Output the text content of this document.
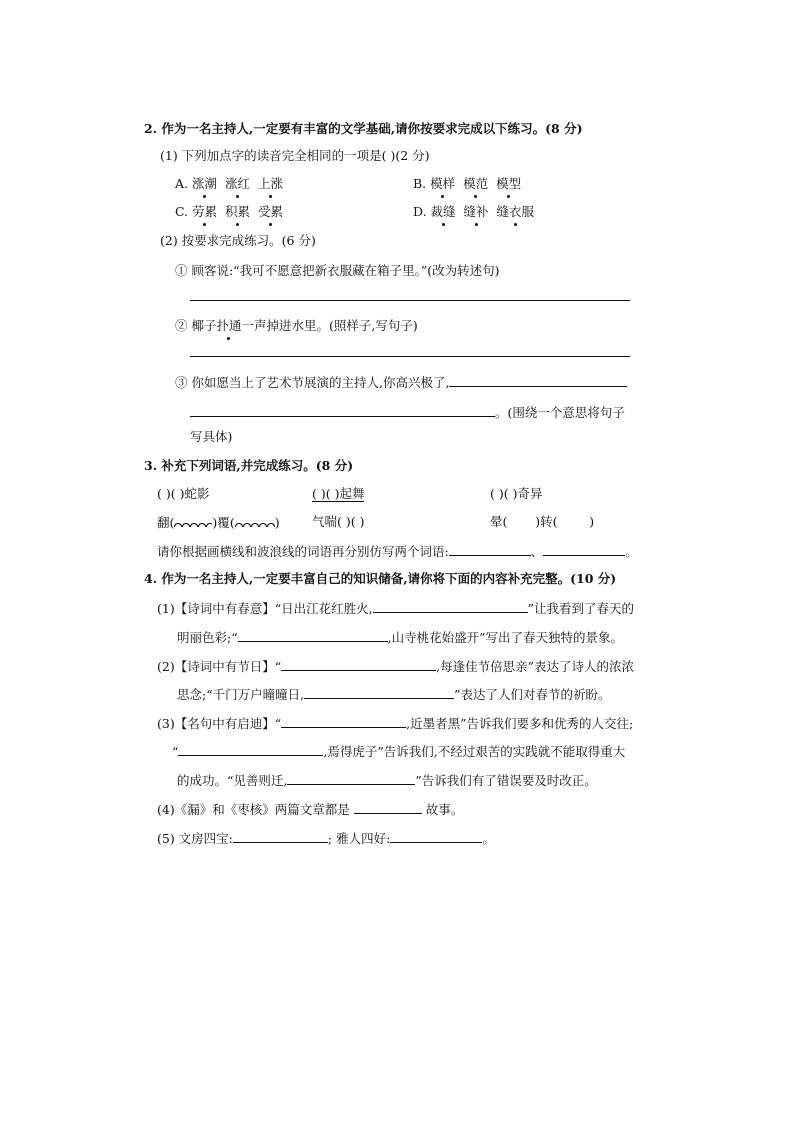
2. 作为一名主持人,一定要有丰富的文学基础,请你按要求完成以下练习。(8 分)
(1) 下列加点字的读音完全相同的一项是( )(2 分)
A. 涨潮 涨红 上涨	B. 模样 模范 模型
C. 劳累 积累 受累	D. 裁缝 缝补 缝衣服
(2) 按要求完成练习。(6 分)
① 顾客说:“我可不愿意把新衣服藏在箱子里。”(改为转述句)
② 椰子扑通一声掉进水里。(照样子,写句子)
③ 你如愿当上了艺术节展演的主持人,你高兴极了,
。(围绕一个意思将句子
写具体)
3. 补充下列词语,并完成练习。(8 分)
( )( )蛇影	( )( )起舞	( )( )奇异
翻(	)覆(	)	气喘( )( )	晕( )转(	)
请你根据画横线和波浪线的词语再分别仿写两个词语:	、	。
4. 作为一名主持人,一定要丰富自己的知识储备,请你将下面的内容补充完整。(10 分)
(1)【诗词中有春意】“日出江花红胜火,	”让我看到了春天的
明丽色彩;“	,山寺桃花始盛开”写出了春天独特的景象。
(2)【诗词中有节日】“	,每逢佳节倍思亲”表达了诗人的浓浓
思念;“千门万户曈曈日,	”表达了人们对春节的祈盼。
(3)【名句中有启迪】“	,近墨者黑”告诉我们要多和优秀的人交往;
“	,焉得虎子”告诉我们,不经过艰苦的实践就不能取得重大
的成功。“见善则迁,	”告诉我们有了错误要及时改正。
(4)《漏》和《枣核》两篇文章都是	故事。
(5) 文房四宝:	; 雅人四好:	。
